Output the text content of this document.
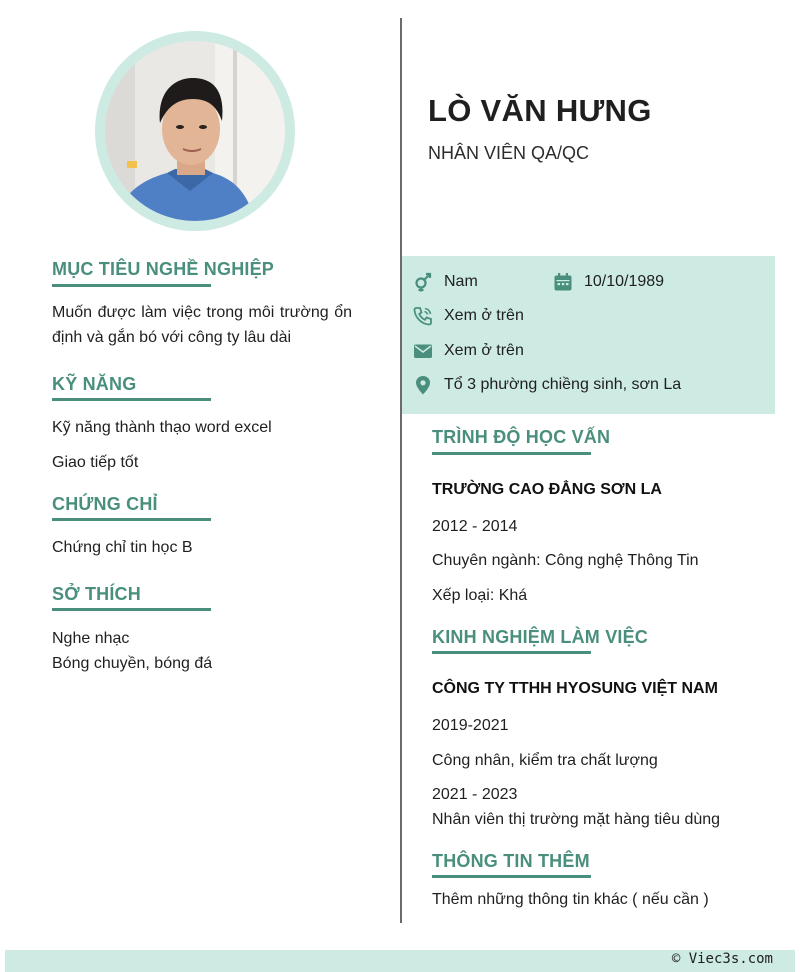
LÒ VĂN HƯNG
NHÂN VIÊN QA/QC
MỤC TIÊU NGHỀ NGHIỆP
Muốn được làm việc trong môi trường ổn định và gắn bó với công ty lâu dài
KỸ NĂNG
Kỹ năng thành thạo word excel
Giao tiếp tốt
CHỨNG CHỈ
Chứng chỉ tin học B
SỞ THÍCH
Nghe nhạc
Bóng chuyền, bóng đá
Nam	10/10/1989
Xem ở trên
Xem ở trên
Tổ 3 phường chiềng sinh, sơn La
TRÌNH ĐỘ HỌC VẤN
TRƯỜNG CAO ĐẲNG SƠN LA
2012 - 2014
Chuyên ngành: Công nghệ Thông Tin
Xếp loại: Khá
KINH NGHIỆM LÀM VIỆC
CÔNG TY TTHH HYOSUNG VIỆT NAM
2019-2021
Công nhân, kiểm tra chất lượng
2021 - 2023
Nhân viên thị trường mặt hàng tiêu dùng
THÔNG TIN THÊM
Thêm những thông tin khác ( nếu cần )
© Viec3s.com
